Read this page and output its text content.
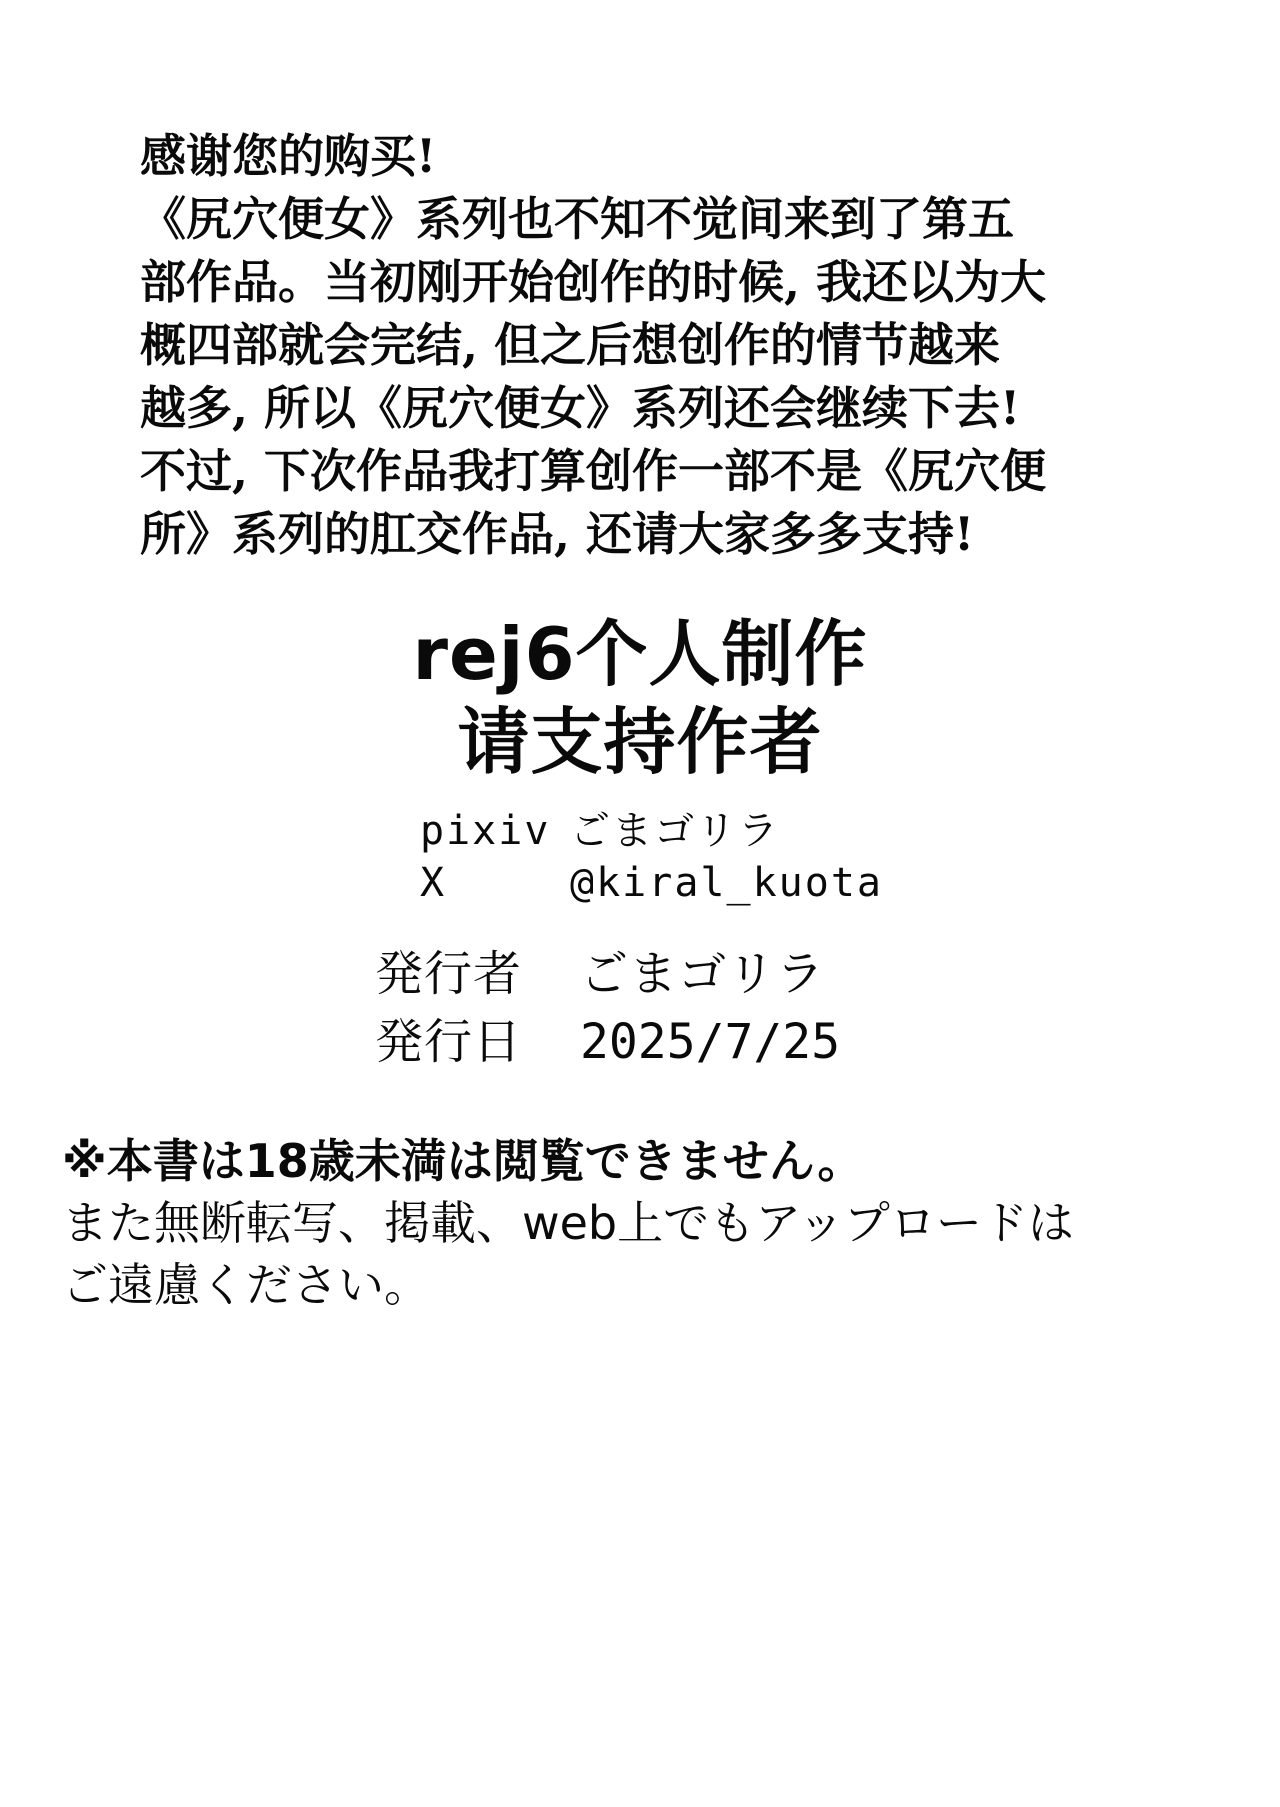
感谢您的购买!

《尻穴便女》系列也不知不觉间来到了第五

部作品。当初刚开始创作的时候, 我还以为大

概四部就会完结, 但之后想创作的情节越来

越多, 所以《尻穴便女》系列还会继续下去!

不过, 下次作品我打算创作一部不是《尻穴便

所》系列的肛交作品, 还请大家多多支持!

rej6个人制作
请支持作者
pixiv ごまゴリラ
X	@kiral_kuota
発行者	ごまゴリラ
発行日	2025/7/25

※本書は18歳未満は閲覧できません。

また無断転写、掲載、web上でもアップロードは

ご遠慮ください。
